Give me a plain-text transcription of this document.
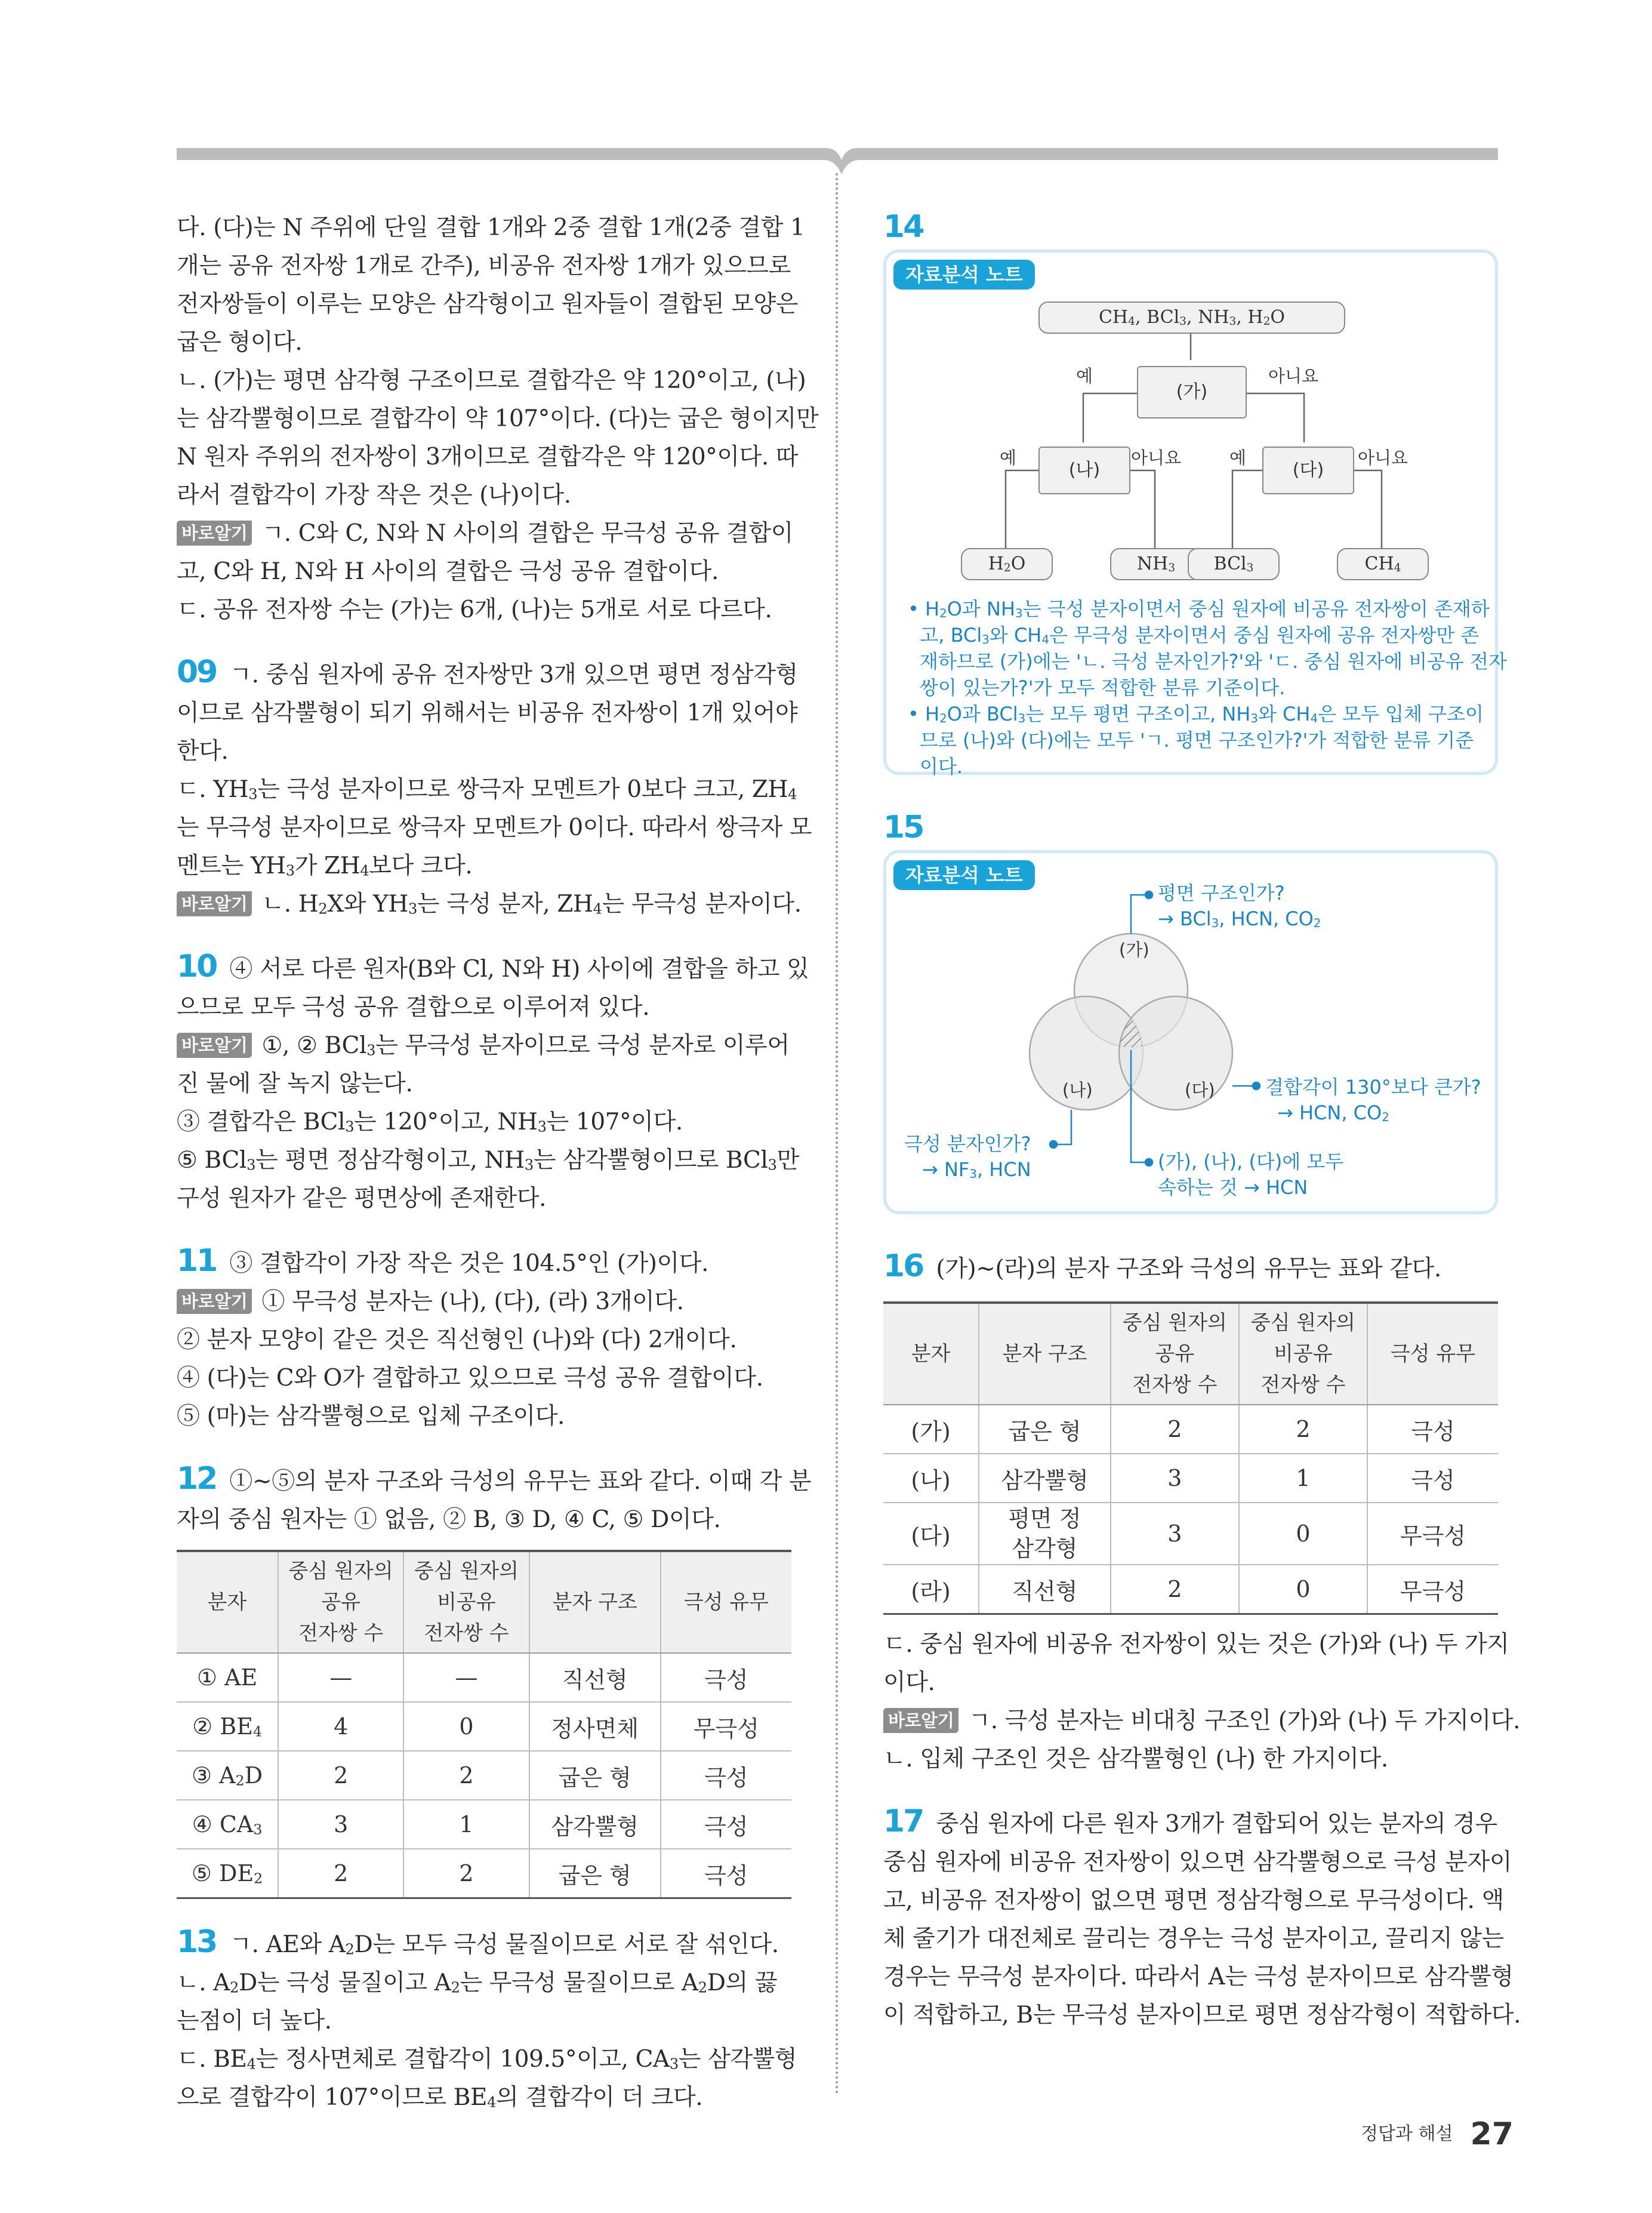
다. (다)는 N 주위에 단일 결합 1개와 2중 결합 1개(2중 결합 1

개는 공유 전자쌍 1개로 간주), 비공유 전자쌍 1개가 있으므로

전자쌍들이 이루는 모양은 삼각형이고 원자들이 결합된 모양은

굽은 형이다.

ㄴ. (가)는 평면 삼각형 구조이므로 결합각은 약 120°이고, (나)

는 삼각뿔형이므로 결합각이 약 107°이다. (다)는 굽은 형이지만

N 원자 주위의 전자쌍이 3개이므로 결합각은 약 120°이다. 따

라서 결합각이 가장 작은 것은 (나)이다.

바로알기 ㄱ. C와 C, N와 N 사이의 결합은 무극성 공유 결합이

고, C와 H, N와 H 사이의 결합은 극성 공유 결합이다.

ㄷ. 공유 전자쌍 수는 (가)는 6개, (나)는 5개로 서로 다르다.

09 ㄱ. 중심 원자에 공유 전자쌍만 3개 있으면 평면 정삼각형

이므로 삼각뿔형이 되기 위해서는 비공유 전자쌍이 1개 있어야

한다.

ㄷ. $YH_3$는 극성 분자이므로 쌍극자 모멘트가 0보다 크고, $ZH_4$

는 무극성 분자이므로 쌍극자 모멘트가 0이다. 따라서 쌍극자 모

멘트는 $YH_3$가 $ZH_4$보다 크다.

바로알기 ㄴ. $H_2X$와 $YH_3$는 극성 분자, $ZH_4$는 무극성 분자이다.

10 ④ 서로 다른 원자(B와 Cl, N와 H) 사이에 결합을 하고 있

으므로 모두 극성 공유 결합으로 이루어져 있다.

바로알기 ①, ② BCl$_3$는 무극성 분자이므로 극성 분자로 이루어

진 물에 잘 녹지 않는다.

③ 결합각은 BCl$_3$는 120°이고, $NH_3$는 107°이다.

⑤ BCl$_3$는 평면 정삼각형이고, $NH_3$는 삼각뿔형이므로 BCl$_3$만

구성 원자가 같은 평면상에 존재한다.

11 ③ 결합각이 가장 작은 것은 104.5°인 (가)이다.

바로알기 ① 무극성 분자는 (나), (다), (라) 3개이다.

② 분자 모양이 같은 것은 직선형인 (나)와 (다) 2개이다.

④ (다)는 C와 O가 결합하고 있으므로 극성 공유 결합이다.

⑤ (마)는 삼각뿔형으로 입체 구조이다.

12 ①~⑤의 분자 구조와 극성의 유무는 표와 같다. 이때 각 분

자의 중심 원자는 ① 없음, ② B, ③ D, ④ C, ⑤ D이다.

분자	중심 원자의
공유
전자쌍 수	중심 원자의
비공유
전자쌍 수	분자 구조	극성 유무
① AE	—	—	직선형	극성
② $BE_4$	4	0	정사면체	무극성
③ $A_2D$	2	2	굽은 형	극성
④ $CA_3$	3	1	삼각뿔형	극성
⑤ $DE_2$	2	2	굽은 형	극성

13 ㄱ. AE와 $A_2D$는 모두 극성 물질이므로 서로 잘 섞인다.

ㄴ. $A_2D$는 극성 물질이고 $A_2$는 무극성 물질이므로 $A_2D$의 끓

는점이 더 높다.

ㄷ. $BE_4$는 정사면체로 결합각이 109.5°이고, $CA_3$는 삼각뿔형

으로 결합각이 107°이므로 $BE_4$의 결합각이 더 크다.

14
자료분석 노트
$CH_4$, BCl$_3$, $NH_3$, $H_2O$
(가)
(나)	(다)
예	아니요
예	아니요	예	아니요
$H_2O$	$NH_3$	BCl$_3$	$CH_4$

• $H_2O$과 $NH_3$는 극성 분자이면서 중심 원자에 비공유 전자쌍이 존재하

고, BCl$_3$와 $CH_4$은 무극성 분자이면서 중심 원자에 공유 전자쌍만 존

재하므로 (가)에는 'ㄴ. 극성 분자인가?'와 'ㄷ. 중심 원자에 비공유 전자

쌍이 있는가?'가 모두 적합한 분류 기준이다.

• $H_2O$과 BCl$_3$는 모두 평면 구조이고, $NH_3$와 $CH_4$은 모두 입체 구조이

므로 (나)와 (다)에는 모두 'ㄱ. 평면 구조인가?'가 적합한 분류 기준

이다.

15
자료분석 노트
(가)
(나)	(다)
평면 구조인가?
→ BCl$_3$, HCN, $CO_2$
결합각이 130°보다 큰가?
→ HCN, $CO_2$
극성 분자인가?
→ $NF_3$, HCN	(가), (나), (다)에 모두
속하는 것 → HCN

16 (가)~(라)의 분자 구조와 극성의 유무는 표와 같다.

분자	분자 구조	중심 원자의
공유
전자쌍 수	중심 원자의
비공유
전자쌍 수	극성 유무
(가)	굽은 형	2	2	극성
(나)	삼각뿔형	3	1	극성
(다)	평면 정삼각형	3	0	무극성
(라)	직선형	2	0	무극성

ㄷ. 중심 원자에 비공유 전자쌍이 있는 것은 (가)와 (나) 두 가지

이다.

바로알기 ㄱ. 극성 분자는 비대칭 구조인 (가)와 (나) 두 가지이다.

ㄴ. 입체 구조인 것은 삼각뿔형인 (나) 한 가지이다.

17 중심 원자에 다른 원자 3개가 결합되어 있는 분자의 경우

중심 원자에 비공유 전자쌍이 있으면 삼각뿔형으로 극성 분자이

고, 비공유 전자쌍이 없으면 평면 정삼각형으로 무극성이다. 액

체 줄기가 대전체로 끌리는 경우는 극성 분자이고, 끌리지 않는

경우는 무극성 분자이다. 따라서 A는 극성 분자이므로 삼각뿔형

이 적합하고, B는 무극성 분자이므로 평면 정삼각형이 적합하다.

정답과 해설 27
